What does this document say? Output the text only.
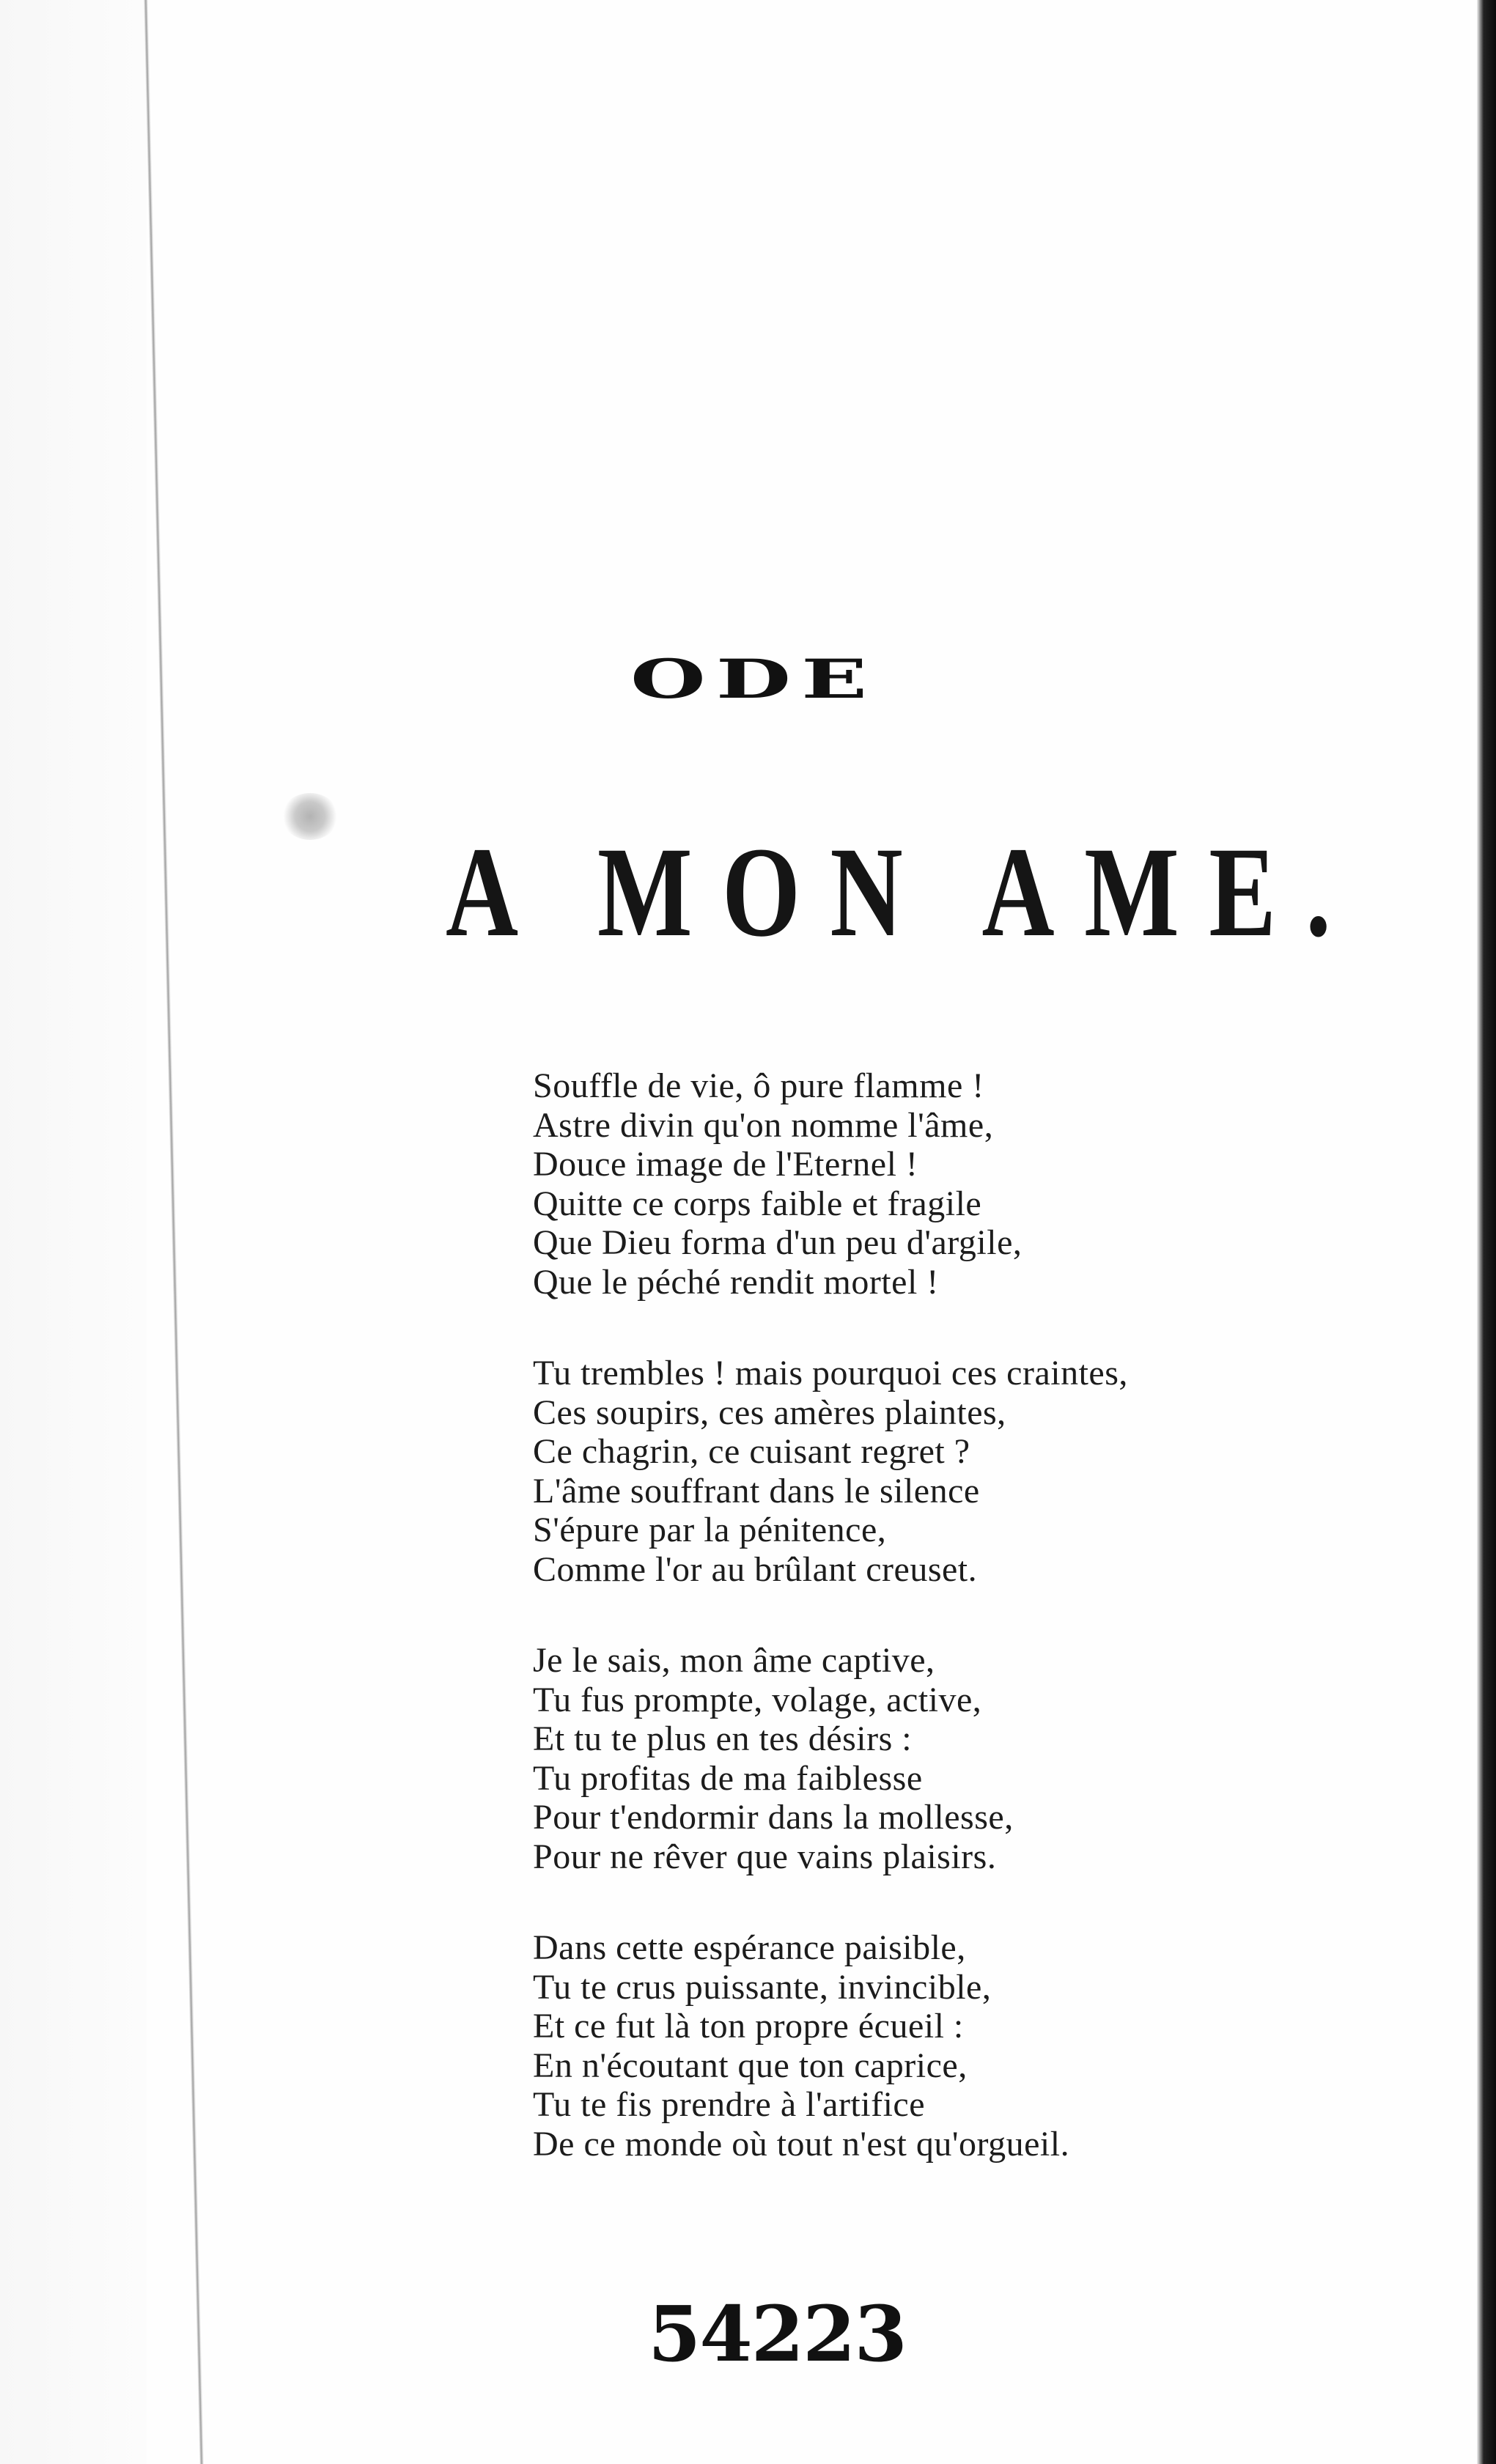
ODE
A MON AME.
Souffle de vie, ô pure flamme !
Astre divin qu'on nomme l'âme,
Douce image de l'Eternel !
Quitte ce corps faible et fragile
Que Dieu forma d'un peu d'argile,
Que le péché rendit mortel !
Tu trembles ! mais pourquoi ces craintes,
Ces soupirs, ces amères plaintes,
Ce chagrin, ce cuisant regret ?
L'âme souffrant dans le silence
S'épure par la pénitence,
Comme l'or au brûlant creuset.
Je le sais, mon âme captive,
Tu fus prompte, volage, active,
Et tu te plus en tes désirs :
Tu profitas de ma faiblesse
Pour t'endormir dans la mollesse,
Pour ne rêver que vains plaisirs.
Dans cette espérance paisible,
Tu te crus puissante, invincible,
Et ce fut là ton propre écueil :
En n'écoutant que ton caprice,
Tu te fis prendre à l'artifice
De ce monde où tout n'est qu'orgueil.
54223
